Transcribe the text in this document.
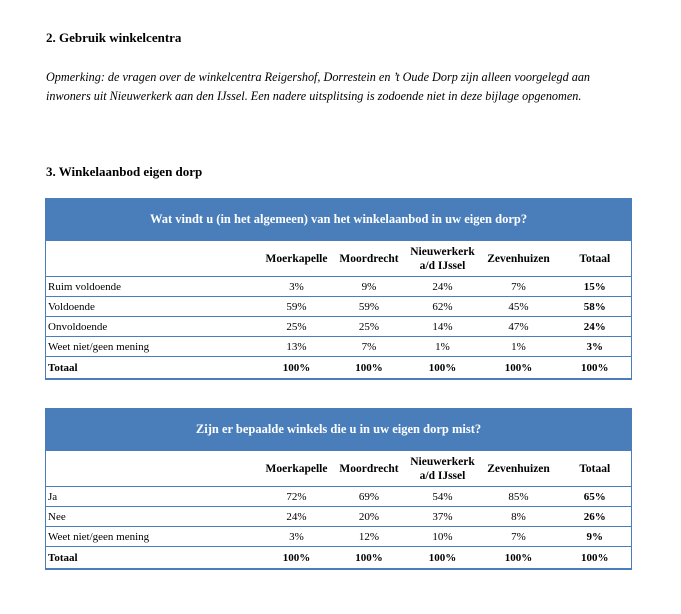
2. Gebruik winkelcentra
Opmerking: de vragen over de winkelcentra Reigershof, Dorrestein en ’t Oude Dorp zijn alleen voorgelegd aan inwoners uit Nieuwerkerk aan den IJssel. Een nadere uitsplitsing is zodoende niet in deze bijlage opgenomen.
3. Winkelaanbod eigen dorp
Wat vindt u (in het algemeen) van het winkelaanbod in uw eigen dorp?					
	Moerkapelle	Moordrecht	Nieuwerkerk a/d IJssel	Zevenhuizen	Totaal
Ruim voldoende	3%	9%	24%	7%	15%
Voldoende	59%	59%	62%	45%	58%
Onvoldoende	25%	25%	14%	47%	24%
Weet niet/geen mening	13%	7%	1%	1%	3%
Totaal	100%	100%	100%	100%	100%
Zijn er bepaalde winkels die u in uw eigen dorp mist?					
	Moerkapelle	Moordrecht	Nieuwerkerk a/d IJssel	Zevenhuizen	Totaal
Ja	72%	69%	54%	85%	65%
Nee	24%	20%	37%	8%	26%
Weet niet/geen mening	3%	12%	10%	7%	9%
Totaal	100%	100%	100%	100%	100%
